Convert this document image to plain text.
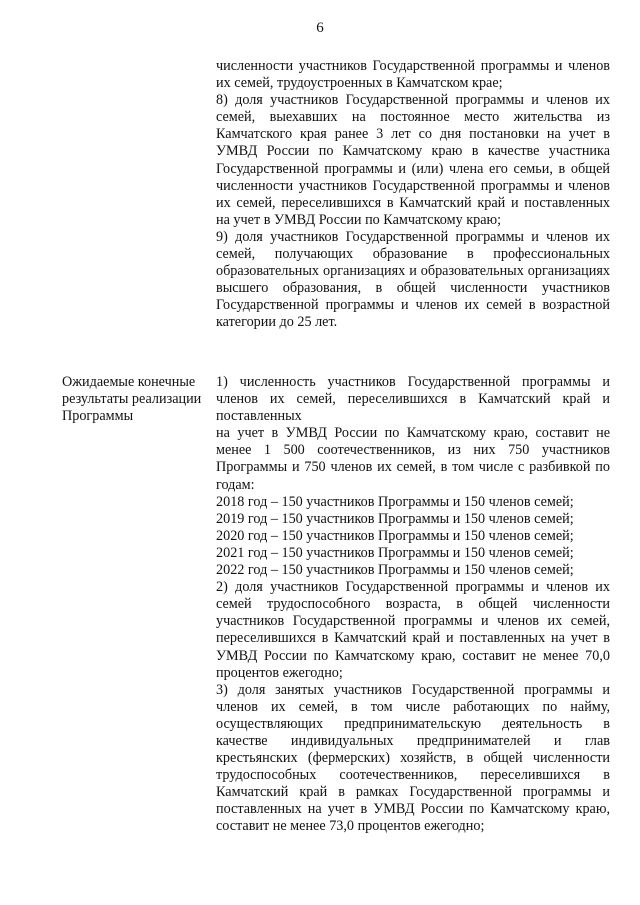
6

численности участников Государственной программы и членов их семей, трудоустроенных в Камчатском крае;

8) доля участников Государственной программы и членов их семей, выехавших на постоянное место жительства из Камчатского края ранее 3 лет со дня постановки на учет в УМВД России по Камчатскому краю в качестве участника Государственной программы и (или) члена его семьи, в общей численности участников Государственной программы и членов их семей, переселившихся в Камчатский край и поставленных на учет в УМВД России по Камчатскому краю;

9) доля участников Государственной программы и членов их семей, получающих образование в профессиональных образовательных организациях и образовательных организациях высшего образования, в общей численности участников Государственной программы и членов их семей в возрастной категории до 25 лет.

Ожидаемые конечные
результаты реализации
Программы

1) численность участников Государственной программы и членов их семей, переселившихся в Камчатский край и поставленных

на учет в УМВД России по Камчатскому краю, составит не менее 1 500 соотечественников, из них 750 участников Программы и 750 членов их семей, в том числе с разбивкой по годам:

2018 год – 150 участников Программы и 150 членов семей;

2019 год – 150 участников Программы и 150 членов семей;

2020 год – 150 участников Программы и 150 членов семей;

2021 год – 150 участников Программы и 150 членов семей;

2022 год – 150 участников Программы и 150 членов семей;

2) доля участников Государственной программы и членов их семей трудоспособного возраста, в общей численности участников Государственной программы и членов их семей, переселившихся в Камчатский край и поставленных на учет в УМВД России по Камчатскому краю, составит не менее 70,0 процентов ежегодно;

3) доля занятых участников Государственной программы и членов их семей, в том числе работающих по найму, осуществляющих предпринимательскую деятельность в качестве индивидуальных предпринимателей и глав крестьянских (фермерских) хозяйств, в общей численности трудоспособных соотечественников, переселившихся в Камчатский край в рамках Государственной программы и поставленных на учет в УМВД России по Камчатскому краю, составит не менее 73,0 процентов ежегодно;
